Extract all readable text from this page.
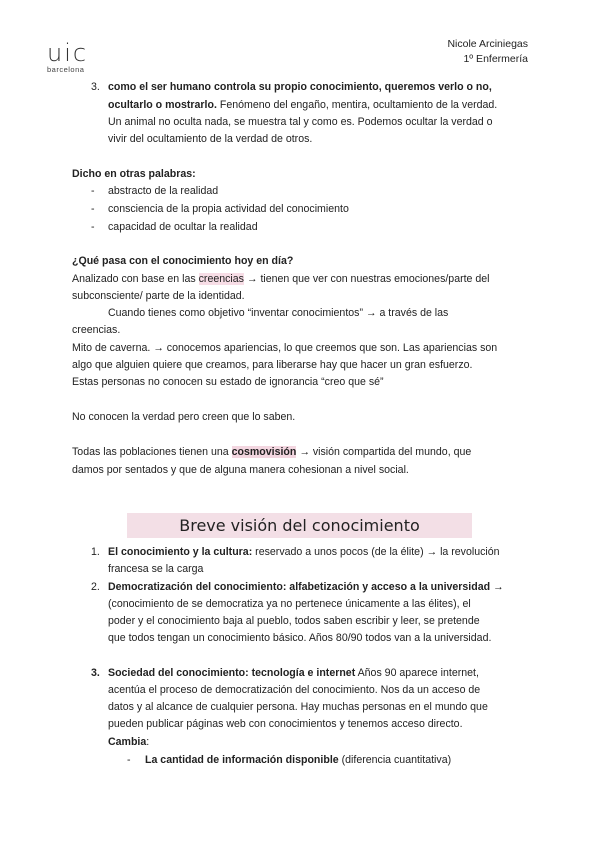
uic
barcelona
Nicole Arciniegas
1º Enfermería
3. como el ser humano controla su propio conocimiento, queremos verlo o no,
ocultarlo o mostrarlo. Fenómeno del engaño, mentira, ocultamiento de la verdad.
Un animal no oculta nada, se muestra tal y como es. Podemos ocultar la verdad o
vivir del ocultamiento de la verdad de otros.
Dicho en otras palabras:
- abstracto de la realidad
- consciencia de la propia actividad del conocimiento
- capacidad de ocultar la realidad
¿Qué pasa con el conocimiento hoy en día?
Analizado con base en las creencias → tienen que ver con nuestras emociones/parte del
subconsciente/ parte de la identidad.
Cuando tienes como objetivo “inventar conocimientos” → a través de las
creencias.
Mito de caverna. → conocemos apariencias, lo que creemos que son. Las apariencias son
algo que alguien quiere que creamos, para liberarse hay que hacer un gran esfuerzo.
Estas personas no conocen su estado de ignorancia “creo que sé”
No conocen la verdad pero creen que lo saben.
Todas las poblaciones tienen una cosmovisión → visión compartida del mundo, que
damos por sentados y que de alguna manera cohesionan a nivel social.
Breve visión del conocimiento
1. El conocimiento y la cultura: reservado a unos pocos (de la élite) → la revolución
francesa se la carga
2. Democratización del conocimiento: alfabetización y acceso a la universidad →
(conocimiento de se democratiza ya no pertenece únicamente a las élites), el
poder y el conocimiento baja al pueblo, todos saben escribir y leer, se pretende
que todos tengan un conocimiento básico. Años 80/90 todos van a la universidad.
3. Sociedad del conocimiento: tecnología e internet Años 90 aparece internet,
acentúa el proceso de democratización del conocimiento. Nos da un acceso de
datos y al alcance de cualquier persona. Hay muchas personas en el mundo que
pueden publicar páginas web con conocimientos y tenemos acceso directo.
Cambia:
- La cantidad de información disponible (diferencia cuantitativa)
